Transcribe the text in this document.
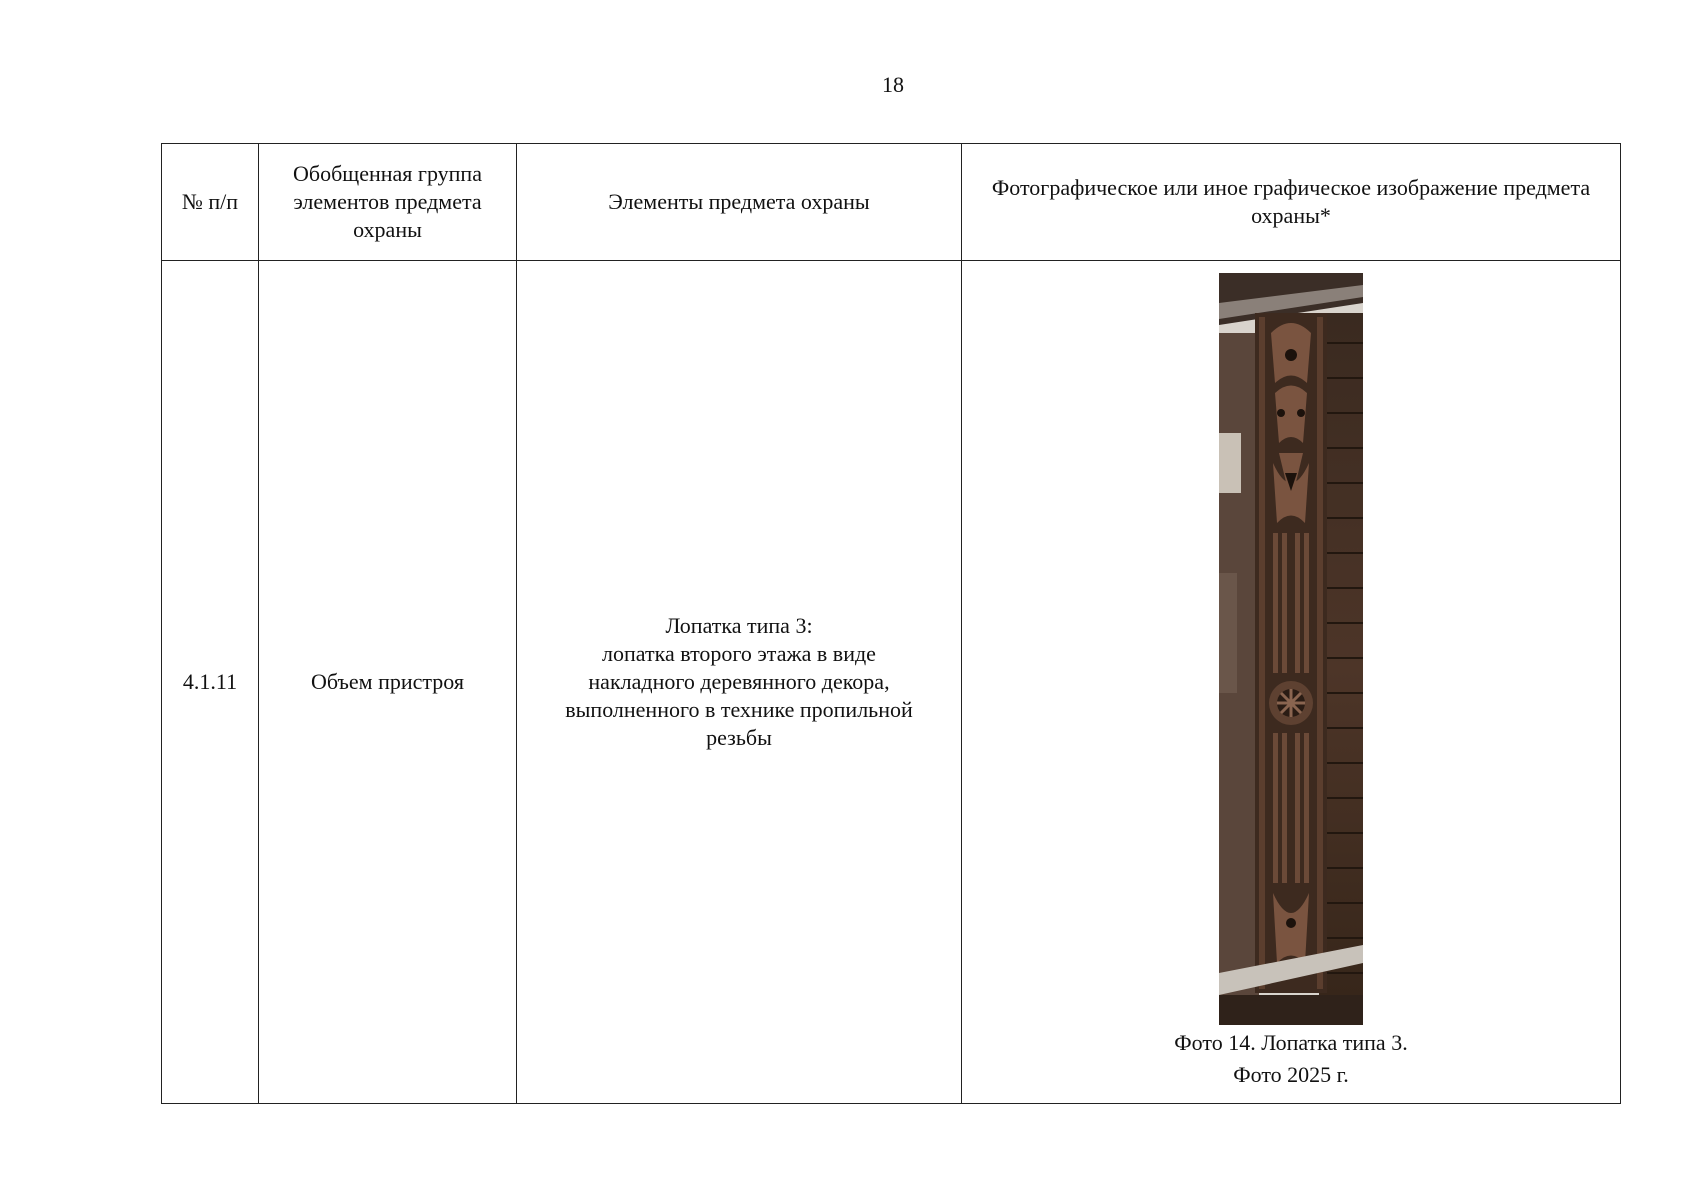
18
№ п/п	Обобщенная группа элементов предмета охраны	Элементы предмета охраны	Фотографическое или иное графическое изображение предмета охраны*
4.1.11	Объем пристроя	Лопатка типа 3:
лопатка второго этажа в виде
накладного деревянного декора,
выполненного в технике пропильной
резьбы	Фото 14. Лопатка типа 3.
Фото 2025 г.
